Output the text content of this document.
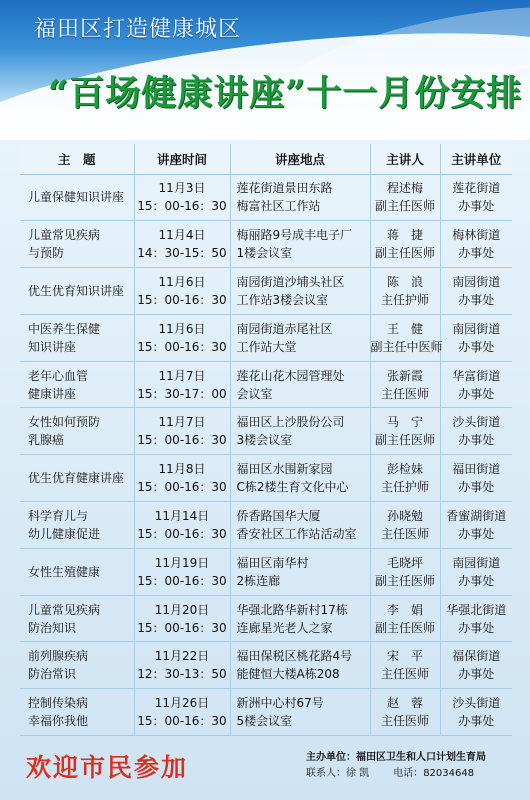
福田区打造健康城区
“百场健康讲座”十一月份安排
主　题	讲座时间	讲座地点	主讲人	主讲单位

儿童保健知识讲座	11月3日
15：00-16：30	莲花街道景田东路
梅富社区工作站	程述梅
副主任医师	莲花街道
办事处

儿童常见疾病
与预防	11月4日
14：30-15：50	梅丽路9号成丰电子厂
1楼会议室	蒋　捷
副主任医师	梅林街道
办事处

优生优育知识讲座	11月6日
15：00-16：30	南园街道沙埔头社区
工作站3楼会议室	陈　浪
主任护师	南园街道
办事处

中医养生保健
知识讲座	11月6日
15：00-16：30	南园街道赤尾社区
工作站大堂	王　健
副主任中医师	南园街道
办事处

老年心血管
健康讲座	11月7日
15：30-17：00	莲花山花木园管理处
会议室	张新霞
主任医师	华富街道
办事处

女性如何预防
乳腺癌	11月7日
15：00-16：30	福田区上沙股份公司
3楼会议室	马　宁
副主任医师	沙头街道
办事处

优生优育健康讲座	11月8日
15：00-16：30	福田区水围新家园
C栋2楼生育文化中心	彭检妹
主任护师	福田街道
办事处

科学育儿与
幼儿健康促进	11月14日
15：00-16：30	侨香路国华大厦
香安社区工作站活动室	孙晓勉
主任医师	香蜜湖街道
办事处

女性生殖健康	11月19日
15：00-16：30	福田区南华村
2栋连廊	毛晓坪
副主任医师	南园街道
办事处

儿童常见疾病
防治知识	11月20日
15：00-16：30	华强北路华新村17栋
连廊星光老人之家	李　娟
副主任医师	华强北街道
办事处

前列腺疾病
防治常识	11月22日
12：30-13：50	福田保税区桃花路4号
能健恒大楼A栋208	宋　平
主任医师	福保街道
办事处

控制传染病
幸福你我他	11月26日
15：00-16：30	新洲中心村67号
5楼会议室	赵　蓉
主任医师	沙头街道
办事处
欢迎市民参加	主办单位：福田区卫生和人口计划生育局
联系人：徐 凯 电话：82034648
